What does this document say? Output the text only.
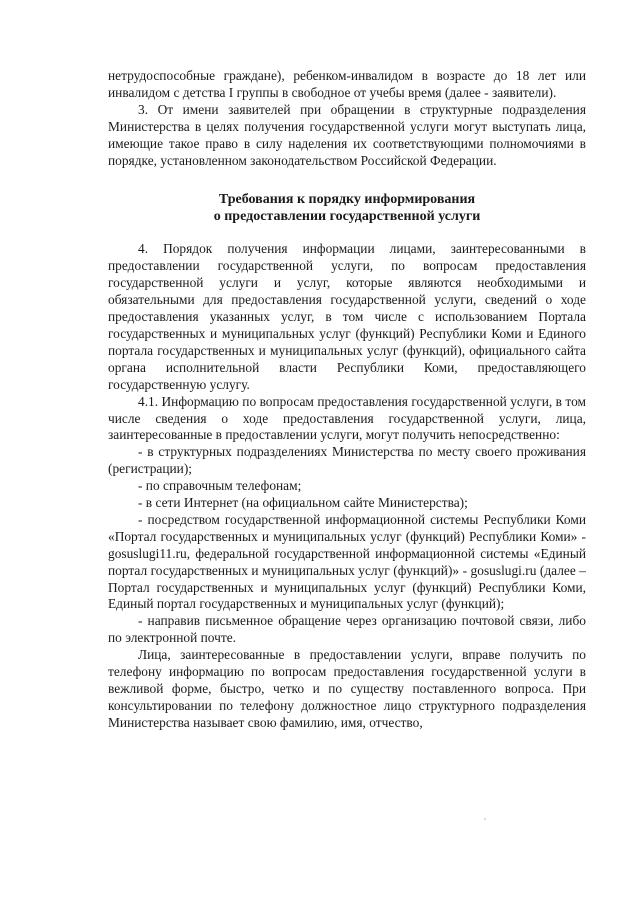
нетрудоспособные граждане), ребенком-инвалидом в возрасте до 18 лет или инвалидом с детства I группы в свободное от учебы время (далее - заявители).

3. От имени заявителей при обращении в структурные подразделения Министерства в целях получения государственной услуги могут выступать лица, имеющие такое право в силу наделения их соответствующими полномочиями в порядке, установленном законодательством Российской Федерации.

Требования к порядку информирования
о предоставлении государственной услуги

4. Порядок получения информации лицами, заинтересованными в предоставлении государственной услуги, по вопросам предоставления государственной услуги и услуг, которые являются необходимыми и обязательными для предоставления государственной услуги, сведений о ходе предоставления указанных услуг, в том числе с использованием Портала государственных и муниципальных услуг (функций) Республики Коми и Единого портала государственных и муниципальных услуг (функций), официального сайта органа исполнительной власти Республики Коми, предоставляющего государственную услугу.

4.1. Информацию по вопросам предоставления государственной услуги, в том числе сведения о ходе предоставления государственной услуги, лица, заинтересованные в предоставлении услуги, могут получить непосредственно:

- в структурных подразделениях Министерства по месту своего проживания (регистрации);

- по справочным телефонам;

- в сети Интернет (на официальном сайте Министерства);

- посредством государственной информационной системы Республики Коми «Портал государственных и муниципальных услуг (функций) Республики Коми» - gosuslugi11.ru, федеральной государственной информационной системы «Единый портал государственных и муниципальных услуг (функций)» - gosuslugi.ru (далее – Портал государственных и муниципальных услуг (функций) Республики Коми, Единый портал государственных и муниципальных услуг (функций);

- направив письменное обращение через организацию почтовой связи, либо по электронной почте.

Лица, заинтересованные в предоставлении услуги, вправе получить по телефону информацию по вопросам предоставления государственной услуги в вежливой форме, быстро, четко и по существу поставленного вопроса. При консультировании по телефону должностное лицо структурного подразделения Министерства называет свою фамилию, имя, отчество,
